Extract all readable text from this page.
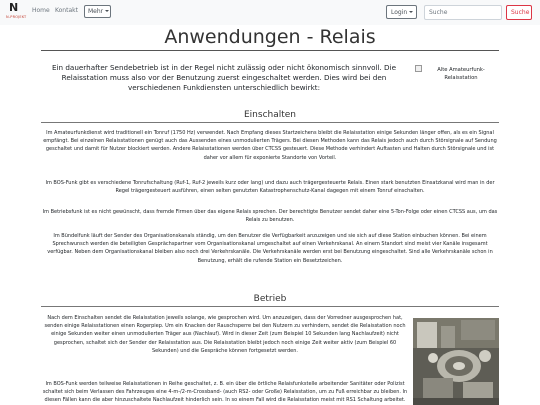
N
N-PROJEKT
Home Kontakt	Mehr	Login
Suche	Suche
Anwendungen - Relais

Ein dauerhafter Sendebetrieb ist in der Regel nicht zulässig oder nicht ökonomisch sinnvoll. Die Relaisstation muss also vor der Benutzung zuerst eingeschaltet werden. Dies wird bei den verschiedenen Funkdiensten unterschiedlich bewirkt:

Alte Amateurfunk-Relaisstation
Einschalten

Im Amateurfunkdienst wird traditionell ein Tonruf (1750 Hz) verwendet. Nach Empfang dieses Startzeichens bleibt die Relaisstation einige Sekunden länger offen, als es ein Signal empfängt. Bei einzelnen Relaisstationen genügt auch das Aussenden eines unmodulierten Trägers. Bei diesen Methoden kann das Relais jedoch auch durch Störsignale auf Sendung geschaltet und damit für Nutzer blockiert werden. Andere Relaisstationen werden über CTCSS gesteuert. Diese Methode verhindert Auftasten und Halten durch Störsignale und ist daher vor allem für exponierte Standorte von Vorteil.

Im BOS-Funk gibt es verschiedene Tonrufschaltung (Ruf-1, Ruf-2 jeweils kurz oder lang) und dazu auch trägergesteuerte Relais. Einen stark benutzten Einsatzkanal wird man in der Regel trägergesteuert ausführen, einen selten genutzten Katastrophenschutz-Kanal dagegen mit einem Tonruf einschalten.

Im Betriebsfunk ist es nicht gewünscht, dass fremde Firmen über das eigene Relais sprechen. Der berechtigte Benutzer sendet daher eine 5-Ton-Folge oder einen CTCSS aus, um das Relais zu benutzen.

Im Bündelfunk läuft der Sender des Organisationskanals ständig, um den Benutzer die Verfügbarkeit anzuzeigen und sie sich auf diese Station einbuchen können. Bei einem Sprechwunsch werden die beteiligten Gesprächspartner vom Organisationskanal umgeschaltet auf einen Verkehrskanal. An einem Standort sind meist vier Kanäle insgesamt verfügbar. Neben dem Organisationskanal bleiben also noch drei Verkehrskanäle. Die Verkehrskanäle werden erst bei Benutzung eingeschaltet. Sind alle Verkehrskanäle schon in Benutzung, erhält die rufende Station ein Besetztzeichen.

Betrieb

Nach dem Einschalten sendet die Relaisstation jeweils solange, wie gesprochen wird. Um anzuzeigen, dass der Vorredner ausgesprochen hat, senden einige Relaisstationen einen Rogerpiep. Um ein Knacken der Rauschsperre bei den Nutzern zu verhindern, sendet die Relaisstation noch einige Sekunden weiter einen unmodulierten Träger aus (Nachlauf). Wird in dieser Zeit (zum Beispiel 10 Sekunden lang Nachlaufzeit) nicht gesprochen, schaltet sich der Sender der Relaisstation aus. Die Relaisstation bleibt jedoch noch einige Zeit weiter aktiv (zum Beispiel 60 Sekunden) und die Gespräche können fortgesetzt werden.

Im BOS-Funk werden teilweise Relaisstationen in Reihe geschaltet, z. B. ein über die örtliche Relaisfunkstelle arbeitender Sanitäter oder Polizist schaltet sich beim Verlassen des Fahrzeuges eine 4-m-/2-m-Crossband- (auch RS2- oder Große) Relaisstation, um zu Fuß erreichbar zu bleiben. In diesen Fällen kann die aber hinzuschaltete Nachlaufzeit hinderlich sein. In so einem Fall wird die Relaisstation meist mit RS1 Schaltung arbeitet.
